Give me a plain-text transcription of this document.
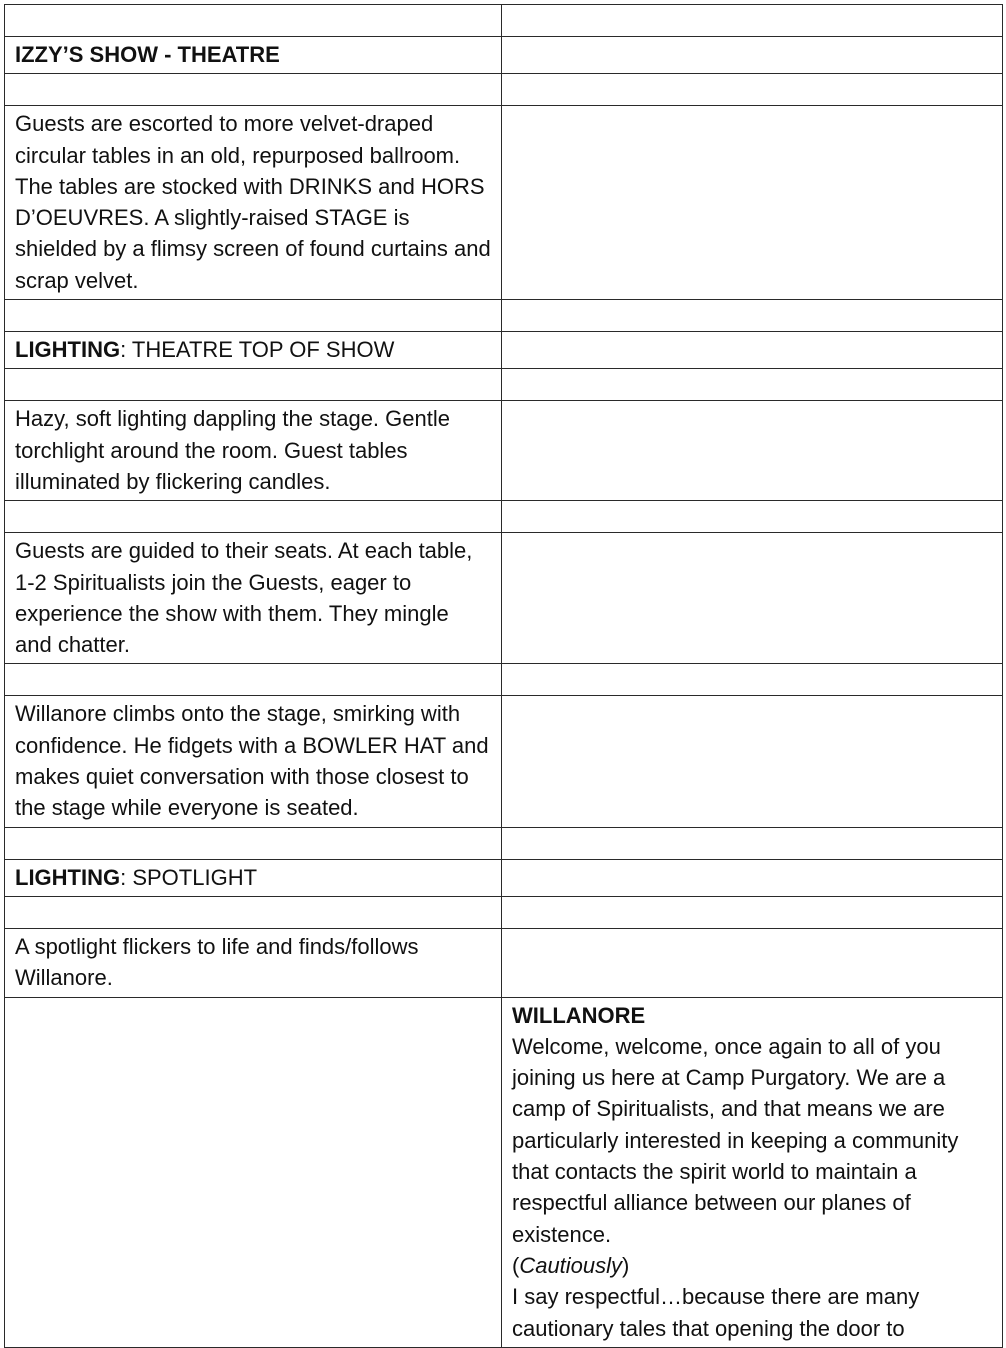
IZZY’S SHOW - THEATRE	

Guests are escorted to more velvet-draped circular tables in an old, repurposed ballroom. The tables are stocked with DRINKS and HORS D’OEUVRES. A slightly-raised STAGE is shielded by a flimsy screen of found curtains and scrap velvet.	

LIGHTING: THEATRE TOP OF SHOW	

Hazy, soft lighting dappling the stage. Gentle torchlight around the room. Guest tables illuminated by flickering candles.	

Guests are guided to their seats. At each table, 1-2 Spiritualists join the Guests, eager to experience the show with them. They mingle and chatter.	

Willanore climbs onto the stage, smirking with confidence. He fidgets with a BOWLER HAT and makes quiet conversation with those closest to the stage while everyone is seated.	

LIGHTING: SPOTLIGHT	

A spotlight flickers to life and finds/follows Willanore.	

	WILLANORE
Welcome, welcome, once again to all of you joining us here at Camp Purgatory. We are a camp of Spiritualists, and that means we are particularly interested in keeping a community that contacts the spirit world to maintain a respectful alliance between our planes of existence.
(Cautiously)
I say respectful…because there are many cautionary tales that opening the door to
